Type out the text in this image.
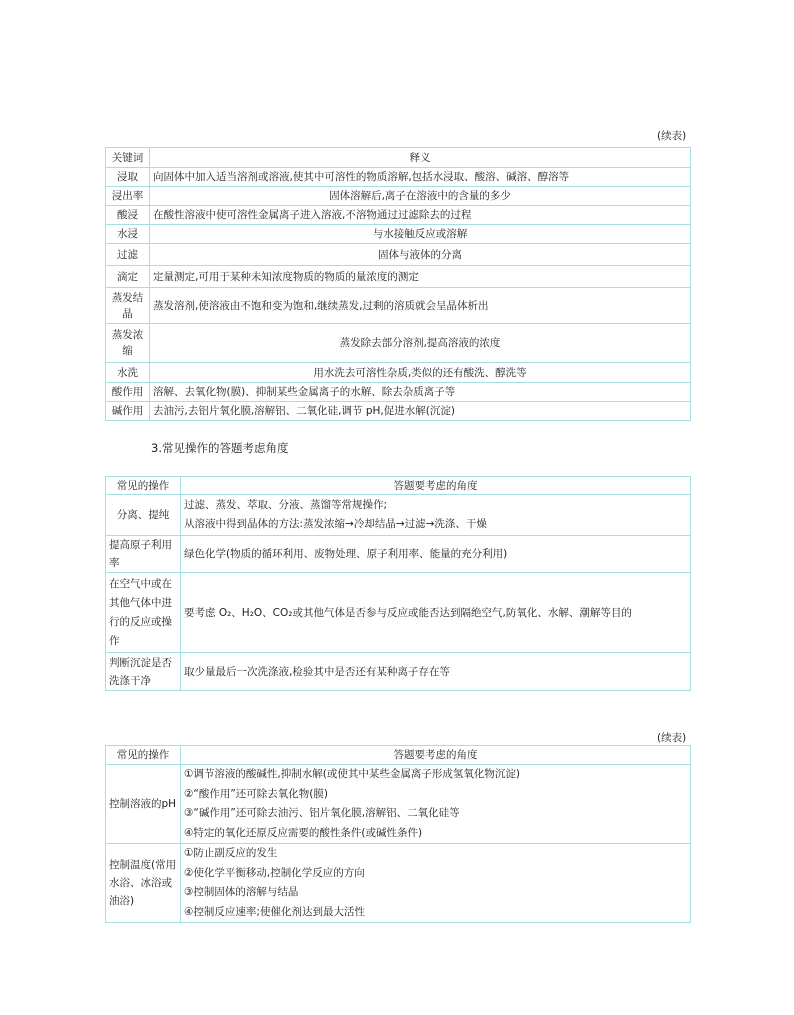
(续表)
关键词	释义
浸取	向固体中加入适当溶剂或溶液,使其中可溶性的物质溶解,包括水浸取、酸溶、碱溶、醇溶等
浸出率	固体溶解后,离子在溶液中的含量的多少
酸浸	在酸性溶液中使可溶性金属离子进入溶液,不溶物通过过滤除去的过程
水浸	与水接触反应或溶解
过滤	固体与液体的分离
滴定	定量测定,可用于某种未知浓度物质的物质的量浓度的测定
蒸发结晶	蒸发溶剂,使溶液由不饱和变为饱和,继续蒸发,过剩的溶质就会呈晶体析出
蒸发浓缩	蒸发除去部分溶剂,提高溶液的浓度
水洗	用水洗去可溶性杂质,类似的还有酸洗、醇洗等
酸作用	溶解、去氧化物(膜)、抑制某些金属离子的水解、除去杂质离子等
碱作用	去油污,去铝片氧化膜,溶解铝、二氧化硅,调节 pH,促进水解(沉淀)
3.常见操作的答题考虑角度
常见的操作	答题要考虑的角度
分离、提纯	过滤、蒸发、萃取、分液、蒸馏等常规操作;
从溶液中得到晶体的方法:蒸发浓缩→冷却结晶→过滤→洗涤、干燥

提高原子利用率	绿色化学(物质的循环利用、废物处理、原子利用率、能量的充分利用)
在空气中或在其他气体中进行的反应或操作	要考虑 O₂、H₂O、CO₂或其他气体是否参与反应或能否达到隔绝空气,防氧化、水解、潮解等目的
判断沉淀是否洗涤干净	取少量最后一次洗涤液,检验其中是否还有某种离子存在等
(续表)
常见的操作	答题要考虑的角度
控制溶液的pH	①调节溶液的酸碱性,抑制水解(或使其中某些金属离子形成氢氧化物沉淀)
②“酸作用”还可除去氧化物(膜)
③“碱作用”还可除去油污、铝片氧化膜,溶解铝、二氧化硅等
④特定的氧化还原反应需要的酸性条件(或碱性条件)

控制温度(常用水浴、冰浴或油浴)	①防止副反应的发生
②使化学平衡移动,控制化学反应的方向
③控制固体的溶解与结晶
④控制反应速率;使催化剂达到最大活性
